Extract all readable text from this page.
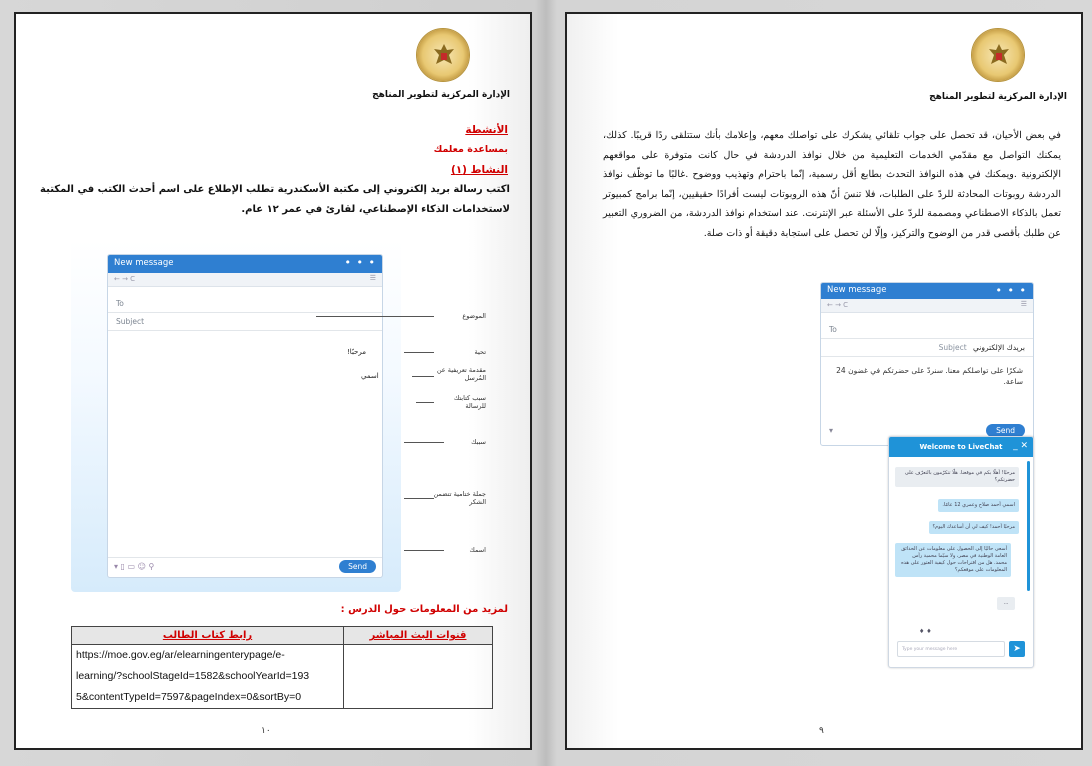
الإدارة المركزية لتطوير المناهج
الأنشطة
بمساعدة معلمك
النشاط (١)
اكتب رسالة بريد إلكتروني إلى مكتبة الأسكندرية تطلب الإطلاع على اسم أحدث الكتب في المكتبة لاستخدامات الذكاء الإصطناعي، لقارئ في عمر ١٢ عام.
New message	• • •
← → C	☰
To
Subject
▾ ▯ ▭ ☺ ⚲	Send
مرحبًا!
اسمي
الموضوع
تحية
مقدمة تعريفية عن المُرسل
سبب كتابتك للرسالة
سببك
جملة ختامية تتضمن الشكر
اسمك
لمزيد من المعلومات حول الدرس :
رابط كتاب الطالب	قنوات البث المباشر

https://moe.gov.eg/ar/elearningenterypage/e-
learning/?schoolStageId=1582&schoolYearId=193
5&contentTypeId=7597&pageIndex=0&sortBy=0	

١٠
الإدارة المركزية لتطوير المناهج
في بعض الأحيان، قد تحصل على جواب تلقائي يشكرك على تواصلك معهم، وإعلامك بأنك ستتلقى ردًا قريبًا. كذلك، يمكنك التواصل مع مقدّمي الخدمات التعليمية من خلال نوافذ الدردشة في حال كانت متوفرة على مواقعهم الإلكترونية .ويمكنك في هذه النوافذ التحدث بطابع أقل رسمية، إنّما باحترام وتهذيب ووضوح .غالبًا ما توظّف نوافذ الدردشة روبوتات المحادثة للردّ على الطلبات، فلا تنسَ أنّ هذه الروبوتات ليست أفرادًا حقيقيين، إنّما برامج كمبيوتر تعمل بالذكاء الاصطناعي ومصممة للردّ على الأسئلة عبر الإنترنت. عند استخدام نوافذ الدردشة، من الضروري التعبير عن طلبك بأقصى قدر من الوضوح والتركيز، وإلّا لن تحصل على استجابة دقيقة أو ذات صلة.
New message	• • •
← → C	☰
To
بريدك الإلكتروني Subject
شكرًا على تواصلكم معنا. سنردّ على حضرتكم في غضون 24 ساعة.
▾	Send
Welcome to LiveChat _ ✕
مرحبًا! أهلًا بكم في موقعنا. هلّا تتكرّمون بالتعرّف على حضرتكم؟
اسمي أحمد صلاح وعمري 12 عامًا.
مرحبًا أحمد! كيف لي أن أساعدك اليوم؟
أسعى حاليًا إلى الحصول على معلومات عن الحدائق العامة الوطنية في مصر، ولا سيّما محمية رأس محمد. هل من اقتراحات حول كيفية العثور على هذه المعلومات على موقعكم؟
...
♦ ♦
Type your message here	➤
٩
